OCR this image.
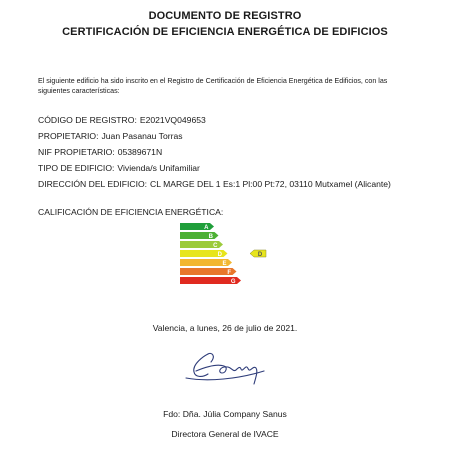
DOCUMENTO DE REGISTRO
CERTIFICACIÓN DE EFICIENCIA ENERGÉTICA DE EDIFICIOS
El siguiente edificio ha sido inscrito en el Registro de Certificación de Eficiencia Energética de Edificios, con las siguientes características:
CÓDIGO DE REGISTRO: E2021VQ049653
PROPIETARIO: Juan Pasanau Torras
NIF PROPIETARIO: 05389671N
TIPO DE EDIFICIO: Vivienda/s Unifamiliar
DIRECCIÓN DEL EDIFICIO: CL MARGE DEL 1 Es:1 Pl:00 Pt:72, 03110 Mutxamel (Alicante)
CALIFICACIÓN DE EFICIENCIA ENERGÉTICA:
A
B
C
D
E
F
G
D
Valencia, a lunes, 26 de julio de 2021.
Fdo: Dña. Júlia Company Sanus
Directora General de IVACE
